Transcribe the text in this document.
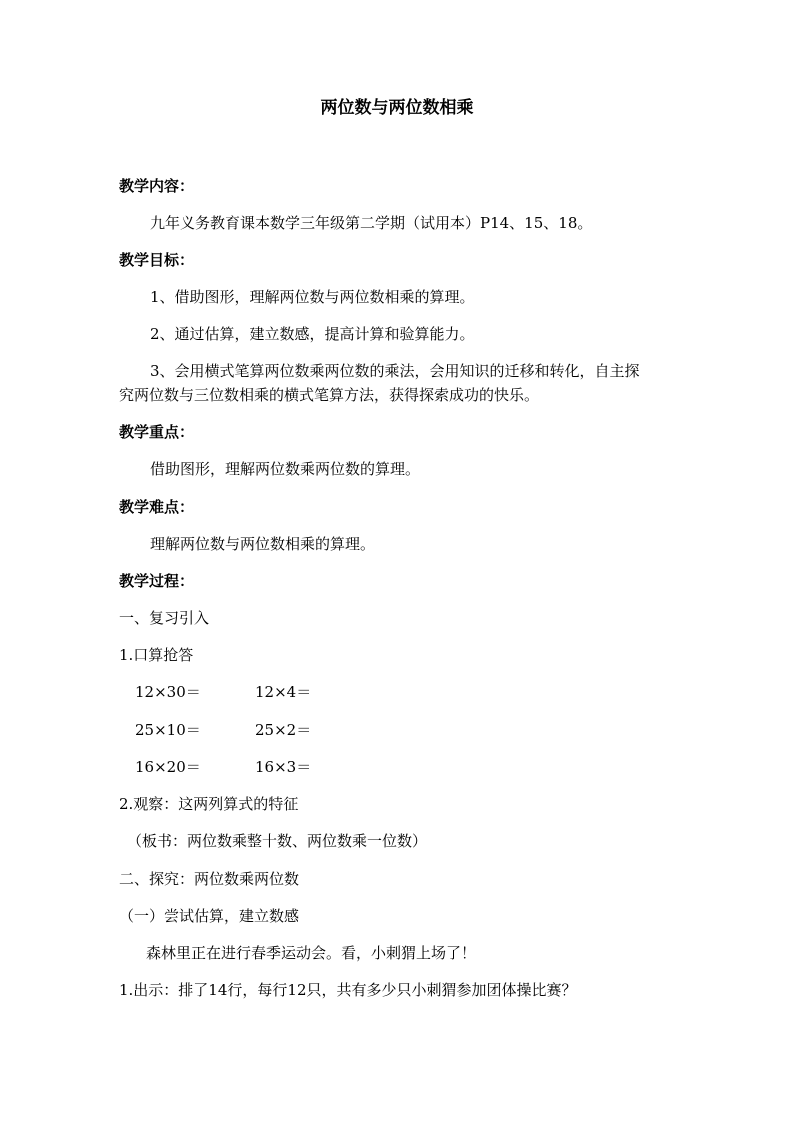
两位数与两位数相乘
教学内容：
九年义务教育课本数学三年级第二学期（试用本）P14、15、18。
教学目标：
1、借助图形，理解两位数与两位数相乘的算理。
2、通过估算，建立数感，提高计算和验算能力。
3、会用横式笔算两位数乘两位数的乘法，会用知识的迁移和转化，自主探
究两位数与三位数相乘的横式笔算方法，获得探索成功的快乐。
教学重点：
借助图形，理解两位数乘两位数的算理。
教学难点：
理解两位数与两位数相乘的算理。
教学过程：
一、复习引入
1.口算抢答
12×30＝	12×4＝
25×10＝	25×2＝
16×20＝	16×3＝
2.观察：这两列算式的特征
（板书：两位数乘整十数、两位数乘一位数）
二、探究：两位数乘两位数
（一）尝试估算，建立数感
森林里正在进行春季运动会。看，小刺猬上场了！
1.出示：排了14行，每行12只，共有多少只小刺猬参加团体操比赛？
